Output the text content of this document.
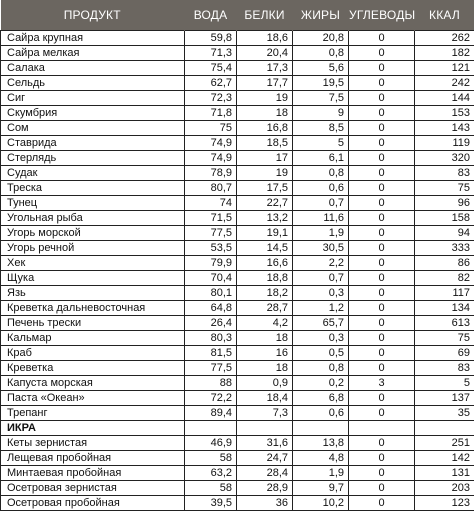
ПРОДУКТ	ВОДА	БЕЛКИ	ЖИРЫ	УГЛЕВОДЫ	ККАЛ
Сайра крупная	59,8	18,6	20,8	0	262
Сайра мелкая	71,3	20,4	0,8	0	182
Салака	75,4	17,3	5,6	0	121
Сельдь	62,7	17,7	19,5	0	242
Сиг	72,3	19	7,5	0	144
Скумбрия	71,8	18	9	0	153
Сом	75	16,8	8,5	0	143
Ставрида	74,9	18,5	5	0	119
Стерлядь	74,9	17	6,1	0	320
Судак	78,9	19	0,8	0	83
Треска	80,7	17,5	0,6	0	75
Тунец	74	22,7	0,7	0	96
Угольная рыба	71,5	13,2	11,6	0	158
Угорь морской	77,5	19,1	1,9	0	94
Угорь речной	53,5	14,5	30,5	0	333
Хек	79,9	16,6	2,2	0	86
Щука	70,4	18,8	0,7	0	82
Язь	80,1	18,2	0,3	0	117
Креветка дальневосточная	64,8	28,7	1,2	0	134
Печень трески	26,4	4,2	65,7	0	613
Кальмар	80,3	18	0,3	0	75
Краб	81,5	16	0,5	0	69
Креветка	77,5	18	0,8	0	83
Капуста морская	88	0,9	0,2	3	5
Паста «Океан»	72,2	18,4	6,8	0	137
Трепанг	89,4	7,3	0,6	0	35
ИКРА					
Кеты зернистая	46,9	31,6	13,8	0	251
Лещевая пробойная	58	24,7	4,8	0	142
Минтаевая пробойная	63,2	28,4	1,9	0	131
Осетровая зернистая	58	28,9	9,7	0	203
Осетровая пробойная	39,5	36	10,2	0	123
